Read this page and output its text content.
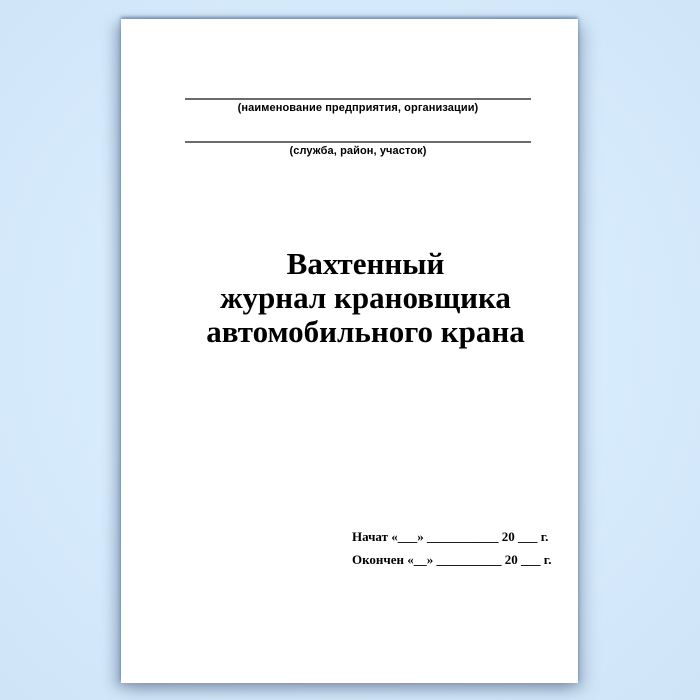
(наименование предприятия, организации)
(служба, район, участок)
Вахтенный
журнал крановщика
автомобильного крана
Начат «___» ___________ 20 ___ г.
Окончен «__» __________ 20 ___ г.
